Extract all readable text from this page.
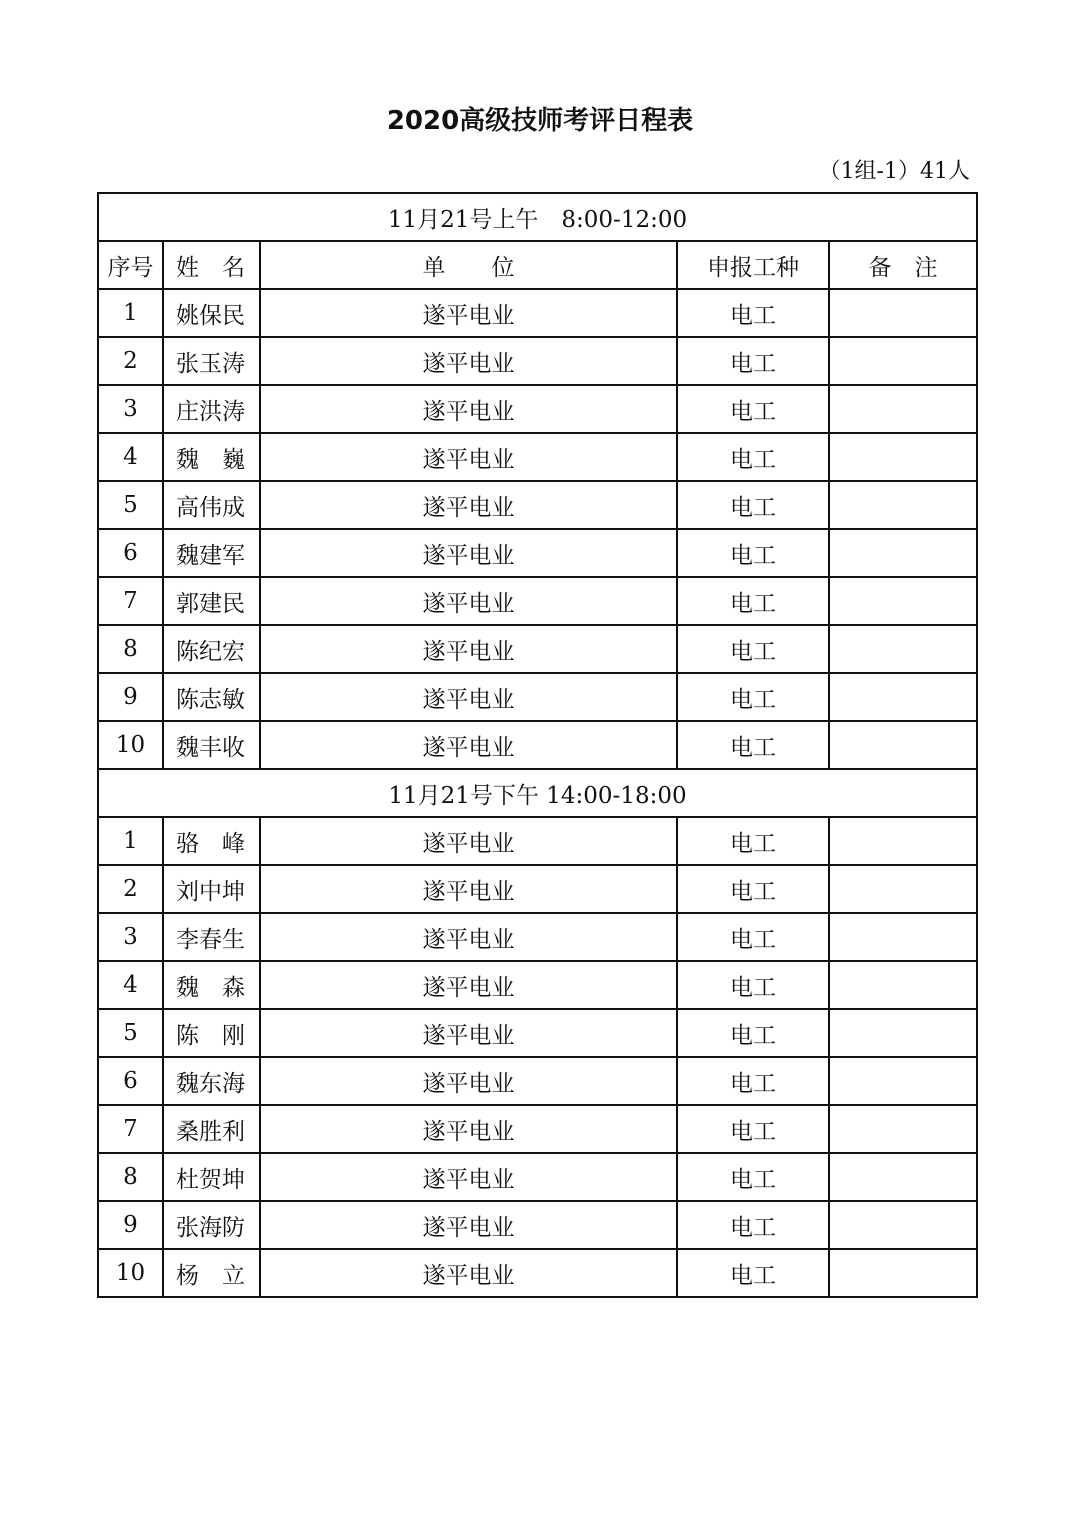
2020高级技师考评日程表
（1组-1）41人
11月21号上午　8:00-12:00				
序号	姓　名	单　　位	申报工种	备　注
1	姚保民	遂平电业	电工	
2	张玉涛	遂平电业	电工	
3	庄洪涛	遂平电业	电工	
4	魏　巍	遂平电业	电工	
5	高伟成	遂平电业	电工	
6	魏建军	遂平电业	电工	
7	郭建民	遂平电业	电工	
8	陈纪宏	遂平电业	电工	
9	陈志敏	遂平电业	电工	
10	魏丰收	遂平电业	电工	
11月21号下午 14:00-18:00				
1	骆　峰	遂平电业	电工	
2	刘中坤	遂平电业	电工	
3	李春生	遂平电业	电工	
4	魏　森	遂平电业	电工	
5	陈　刚	遂平电业	电工	
6	魏东海	遂平电业	电工	
7	桑胜利	遂平电业	电工	
8	杜贺坤	遂平电业	电工	
9	张海防	遂平电业	电工	
10	杨　立	遂平电业	电工	
